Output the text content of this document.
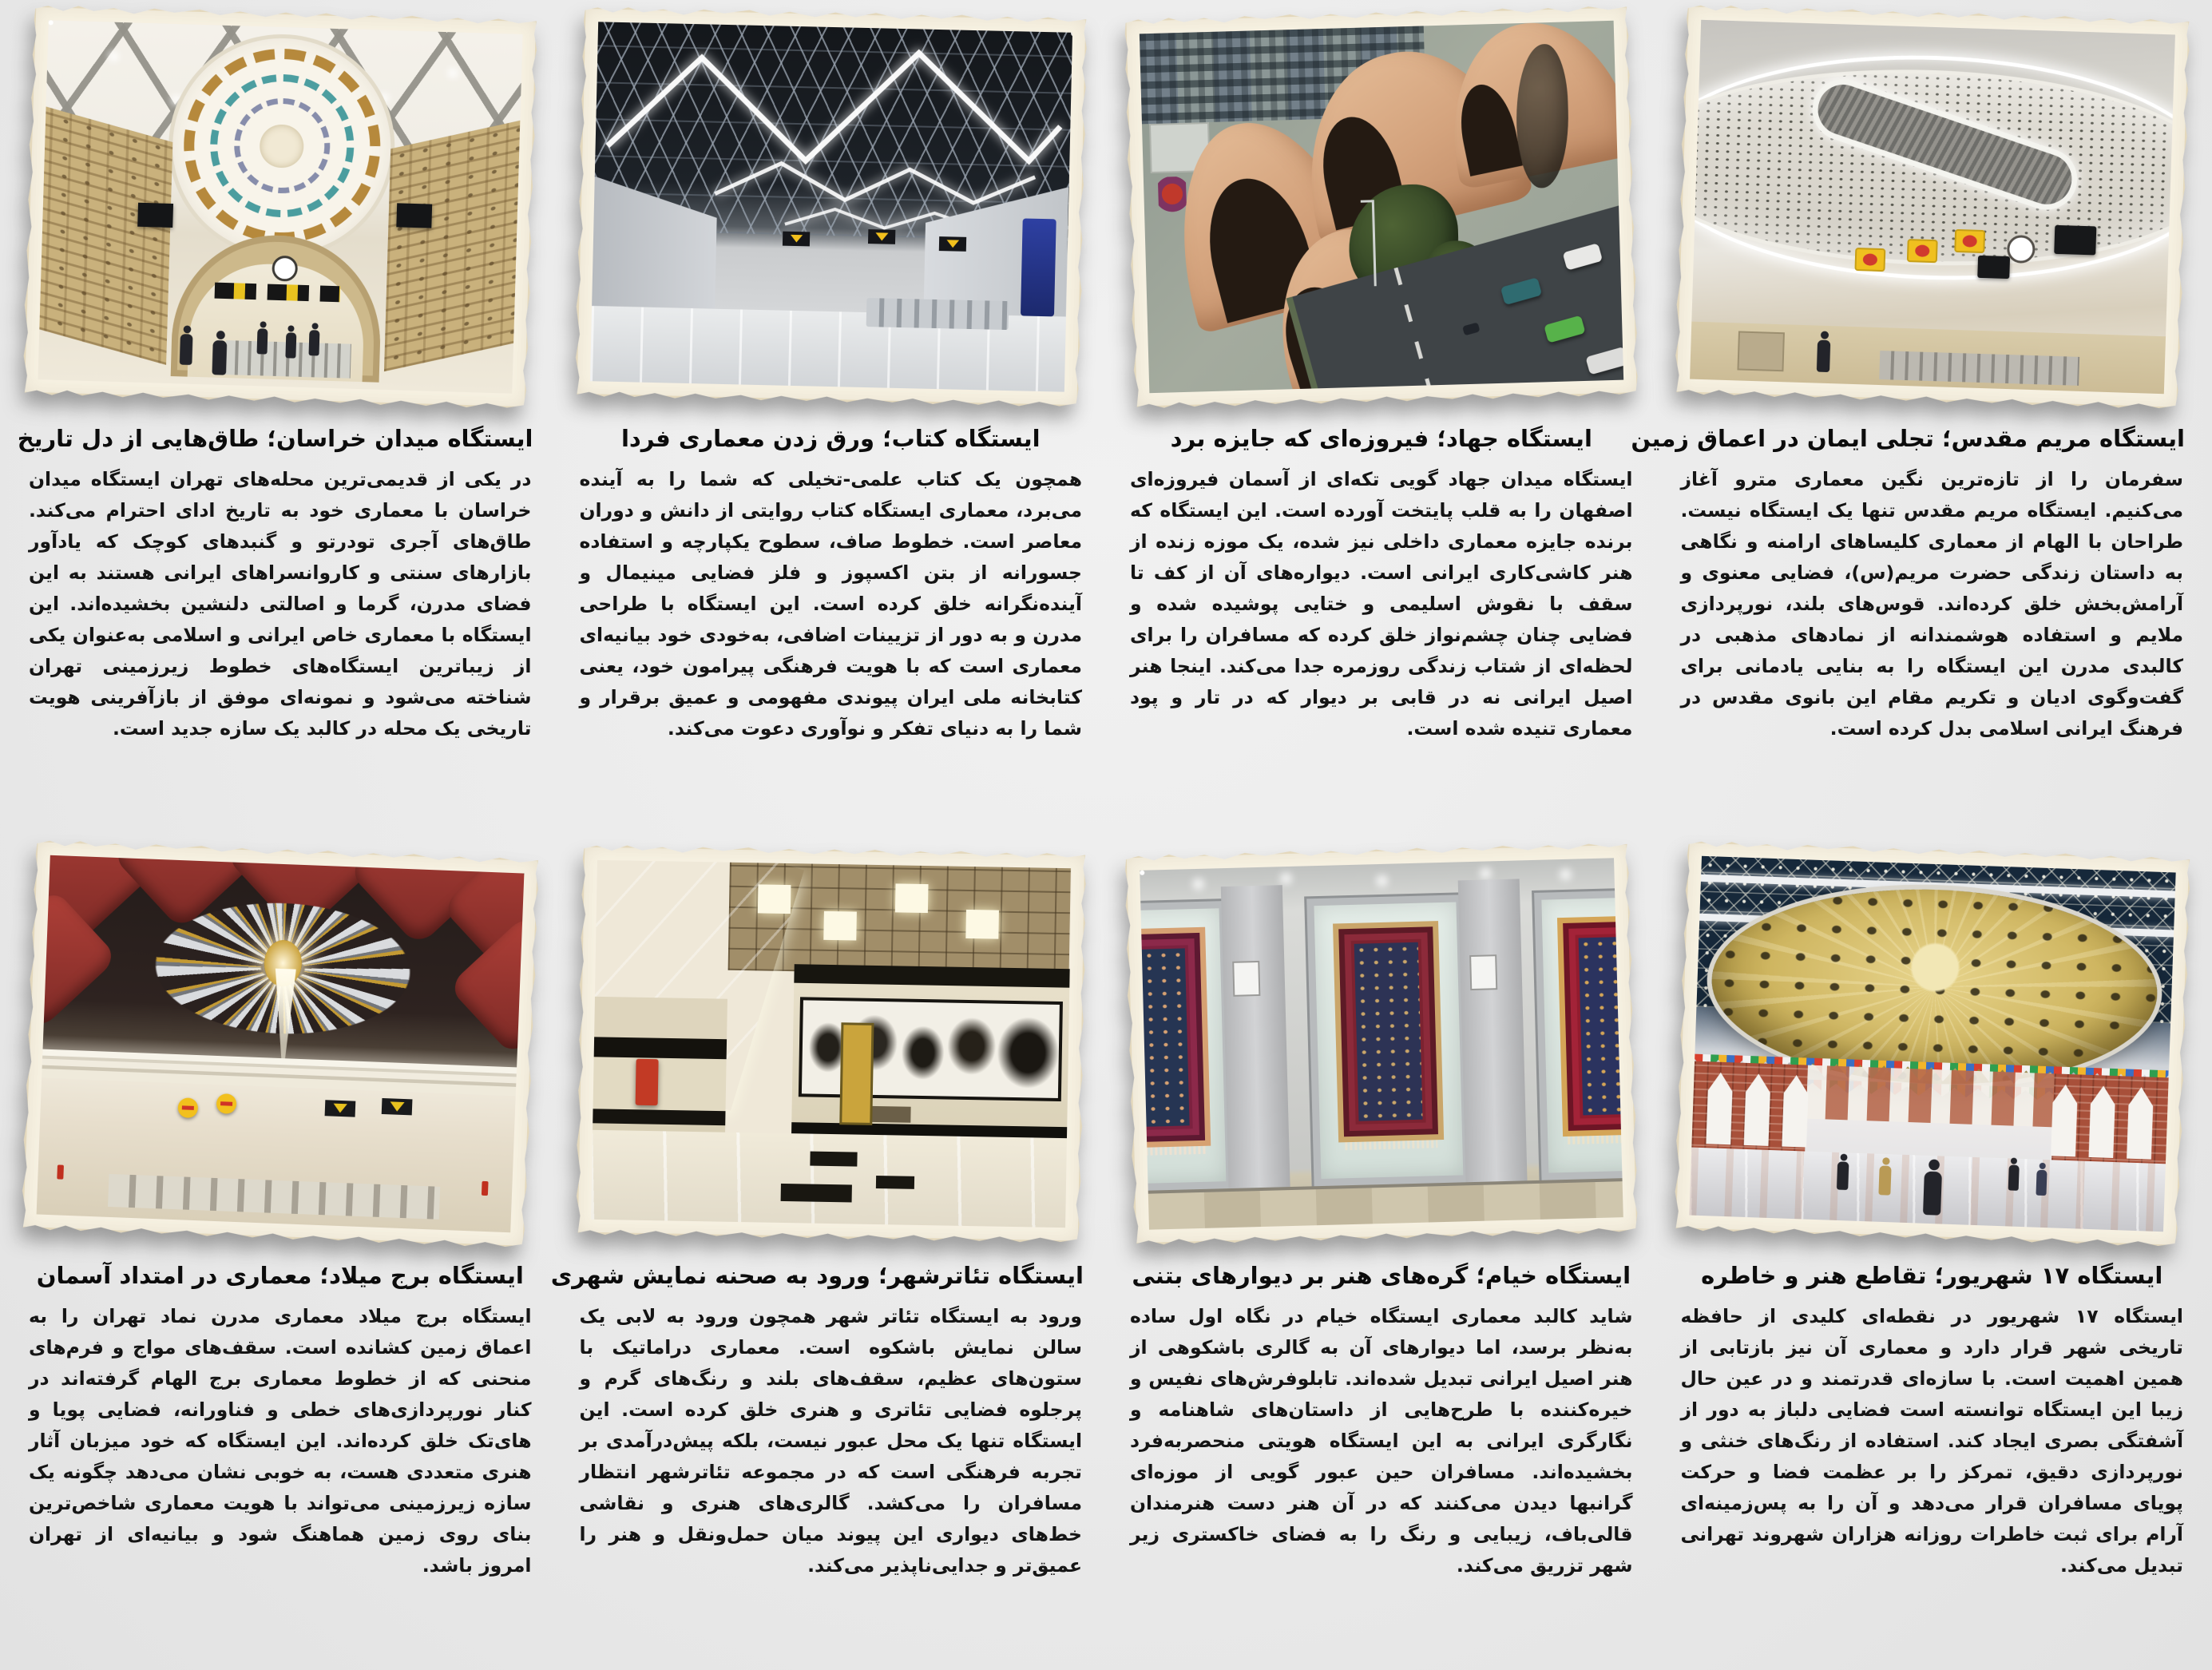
ایستگاه مریم مقدس؛ تجلی ایمان در اعماق زمین

سفرمان را از تازه‌ترین نگین معماری مترو آغاز می‌کنیم. ایستگاه مریم مقدس تنها یک ایستگاه نیست. طراحان با الهام از معماری کلیساهای ارامنه و نگاهی به داستان زندگی حضرت مریم(س)، فضایی معنوی و آرامش‌بخش خلق کرده‌اند. قوس‌های بلند، نورپردازی ملایم و استفاده هوشمندانه از نمادهای مذهبی در کالبدی مدرن این ایستگاه را به بنایی یادمانی برای گفت‌وگوی ادیان و تکریم مقام این بانوی مقدس در فرهنگ ایرانی اسلامی بدل کرده است.

ایستگاه جهاد؛ فیروزه‌ای که جایزه برد

ایستگاه میدان جهاد گویی تکه‌ای از آسمان فیروزه‌ای اصفهان را به قلب پایتخت آورده است. این ایستگاه که برنده جایزه معماری داخلی نیز شده، یک موزه زنده از هنر کاشی‌کاری ایرانی است. دیواره‌های آن از کف تا سقف با نقوش اسلیمی و ختایی پوشیده شده و فضایی چنان چشم‌نواز خلق کرده که مسافران را برای لحظه‌ای از شتاب زندگی روزمره جدا می‌کند. اینجا هنر اصیل ایرانی نه در قابی بر دیوار که در تار و پود معماری تنیده شده است.

ایستگاه کتاب؛ ورق زدن معماری فردا

همچون یک کتاب علمی-تخیلی که شما را به آینده می‌برد، معماری ایستگاه کتاب روایتی از دانش و دوران معاصر است. خطوط صاف، سطوح یکپارچه و استفاده جسورانه از بتن اکسپوز و فلز فضایی مینیمال و آینده‌نگرانه خلق کرده است. این ایستگاه با طراحی مدرن و به دور از تزیینات اضافی، به‌خودی خود بیانیه‌ای معماری است که با هویت فرهنگی پیرامون خود، یعنی کتابخانه ملی ایران پیوندی مفهومی و عمیق برقرار و شما را به دنیای تفکر و نوآوری دعوت می‌کند.

ایستگاه میدان خراسان؛ طاق‌هایی از دل تاریخ

در یکی از قدیمی‌ترین محله‌های تهران ایستگاه میدان خراسان با معماری خود به تاریخ ادای احترام می‌کند. طاق‌های آجری تودرتو و گنبدهای کوچک که یادآور بازارهای سنتی و کاروانسراهای ایرانی هستند به این فضای مدرن، گرما و اصالتی دلنشین بخشیده‌اند. این ایستگاه با معماری خاص ایرانی و اسلامی به‌عنوان یکی از زیباترین ایستگاه‌های خطوط زیرزمینی تهران شناخته می‌شود و نمونه‌ای موفق از بازآفرینی هویت تاریخی یک محله در کالبد یک سازه جدید است.

ایستگاه ۱۷ شهریور؛ تقاطع هنر و خاطره

ایستگاه ۱۷ شهریور در نقطه‌ای کلیدی از حافظه تاریخی شهر قرار دارد و معماری آن نیز بازتابی از همین اهمیت است. با سازه‌ای قدرتمند و در عین حال زیبا این ایستگاه توانسته است فضایی دلباز به دور از آشفتگی بصری ایجاد کند. استفاده از رنگ‌های خنثی و نورپردازی دقیق، تمرکز را بر عظمت فضا و حرکت پویای مسافران قرار می‌دهد و آن را به پس‌زمینه‌ای آرام برای ثبت خاطرات روزانه هزاران شهروند تهرانی تبدیل می‌کند.

ایستگاه خیام؛ گره‌های هنر بر دیوارهای بتنی

شاید کالبد معماری ایستگاه خیام در نگاه اول ساده به‌نظر برسد، اما دیوارهای آن به گالری باشکوهی از هنر اصیل ایرانی تبدیل شده‌اند. تابلوفرش‌های نفیس و خیره‌کننده با طرح‌هایی از داستان‌های شاهنامه و نگارگری ایرانی به این ایستگاه هویتی منحصربه‌فرد بخشیده‌اند. مسافران حین عبور گویی از موزه‌ای گرانبها دیدن می‌کنند که در آن هنر دست هنرمندان قالی‌باف، زیبایی و رنگ را به فضای خاکستری زیر شهر تزریق می‌کند.

ایستگاه تئاترشهر؛ ورود به صحنه نمایش شهری

ورود به ایستگاه تئاتر شهر همچون ورود به لابی یک سالن نمایش باشکوه است. معماری دراماتیک با ستون‌های عظیم، سقف‌های بلند و رنگ‌های گرم و پرجلوه فضایی تئاتری و هنری خلق کرده است. این ایستگاه تنها یک محل عبور نیست، بلکه پیش‌درآمدی بر تجربه فرهنگی است که در مجموعه تئاترشهر انتظار مسافران را می‌کشد. گالری‌های هنری و نقاشی خط‌های دیواری این پیوند میان حمل‌ونقل و هنر را عمیق‌تر و جدایی‌ناپذیر می‌کند.

ایستگاه برج میلاد؛ معماری در امتداد آسمان

ایستگاه برج میلاد معماری مدرن نماد تهران را به اعماق زمین کشانده است. سقف‌های مواج و فرم‌های منحنی که از خطوط معماری برج الهام گرفته‌اند در کنار نورپردازی‌های خطی و فناورانه، فضایی پویا و های‌تک خلق کرده‌اند. این ایستگاه که خود میزبان آثار هنری متعددی هست، به خوبی نشان می‌دهد چگونه یک سازه زیرزمینی می‌تواند با هویت معماری شاخص‌ترین بنای روی زمین هماهنگ شود و بیانیه‌ای از تهران امروز باشد.
